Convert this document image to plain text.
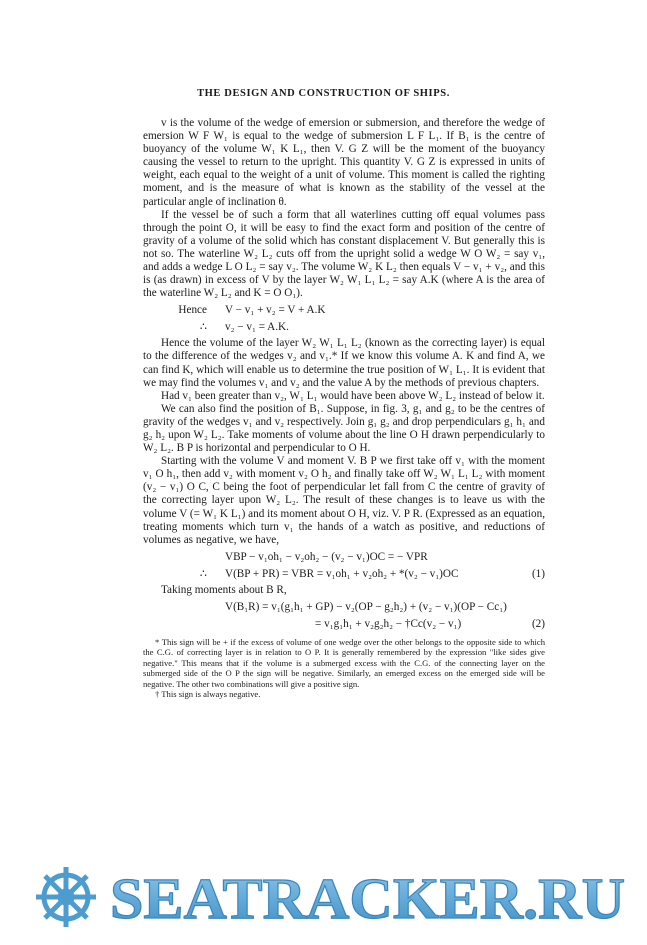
THE DESIGN AND CONSTRUCTION OF SHIPS.

v is the volume of the wedge of emersion or submersion, and therefore the wedge of emersion W F W₁ is equal to the wedge of submersion L F L₁. If B₁ is the centre of buoyancy of the volume W₁ K L₁, then V. G Z will be the moment of the buoyancy causing the vessel to return to the upright. This quantity V. G Z is expressed in units of weight, each equal to the weight of a unit of volume. This moment is called the righting moment, and is the measure of what is known as the stability of the vessel at the particular angle of inclination θ.

If the vessel be of such a form that all waterlines cutting off equal volumes pass through the point O, it will be easy to find the exact form and position of the centre of gravity of a volume of the solid which has constant displacement V. But generally this is not so. The waterline W₂ L₂ cuts off from the upright solid a wedge W O W₂ = say v₁, and adds a wedge L O L₂ = say v₂. The volume W₂ K L₂ then equals V − v₁ + v₂, and this is (as drawn) in excess of V by the layer W₂ W₁ L₁ L₂ = say A.K (where A is the area of the waterline W₂ L₂ and K = O O₁).

Hence V − v₁ + v₂ = V + A.K
∴ v₂ − v₁ = A.K.

Hence the volume of the layer W₂ W₁ L₁ L₂ (known as the correcting layer) is equal to the difference of the wedges v₂ and v₁.* If we know this volume A. K and find A, we can find K, which will enable us to determine the true position of W₁ L₁. It is evident that we may find the volumes v₁ and v₂ and the value A by the methods of previous chapters.

Had v₁ been greater than v₂, W₁ L₁ would have been above W₂ L₂ instead of below it.

We can also find the position of B₁. Suppose, in fig. 3, g₁ and g₂ to be the centres of gravity of the wedges v₁ and v₂ respectively. Join g₁ g₂ and drop perpendiculars g₁ h₁ and g₂ h₂ upon W₂ L₂. Take moments of volume about the line O H drawn perpendicularly to W₂ L₂. B P is horizontal and perpendicular to O H.

Starting with the volume V and moment V. B P we first take off v₁ with the moment v₁ O h₁, then add v₂ with moment v₂ O h₂ and finally take off W₂ W₁ L₁ L₂ with moment (v₂ − v₁) O C, C being the foot of perpendicular let fall from C the centre of gravity of the correcting layer upon W₂ L₂. The result of these changes is to leave us with the volume V (= W₁ K L₁) and its moment about O H, viz. V. P R. (Expressed as an equation, treating moments which turn v₁ the hands of a watch as positive, and reductions of volumes as negative, we have,

VBP − v₁oh₁ − v₂oh₂ − (v₂ − v₁)OC = − VPR
∴ V(BP + PR) = VBR = v₁oh₁ + v₂oh₂ + *(v₂ − v₁)OC	(1)

Taking moments about B R,

V(B₁R) = v₁(g₁h₁ + GP) − v₂(OP − g₂h₂) + (v₂ − v₁)(OP − Cc₁)
= v₁g₁h₁ + v₂g₂h₂ − †Cc(v₂ − v₁)	(2)

* This sign will be + if the excess of volume of one wedge over the other belongs to the opposite side to which the C.G. of correcting layer is in relation to O P. It is generally remembered by the expression "like sides give negative." This means that if the volume is a submerged excess with the C.G. of the connecting layer on the submerged side of the O P the sign will be negative. Similarly, an emerged excess on the emerged side will be negative. The other two combinations will give a positive sign.

† This sign is always negative.

SEATRACKER.RU
